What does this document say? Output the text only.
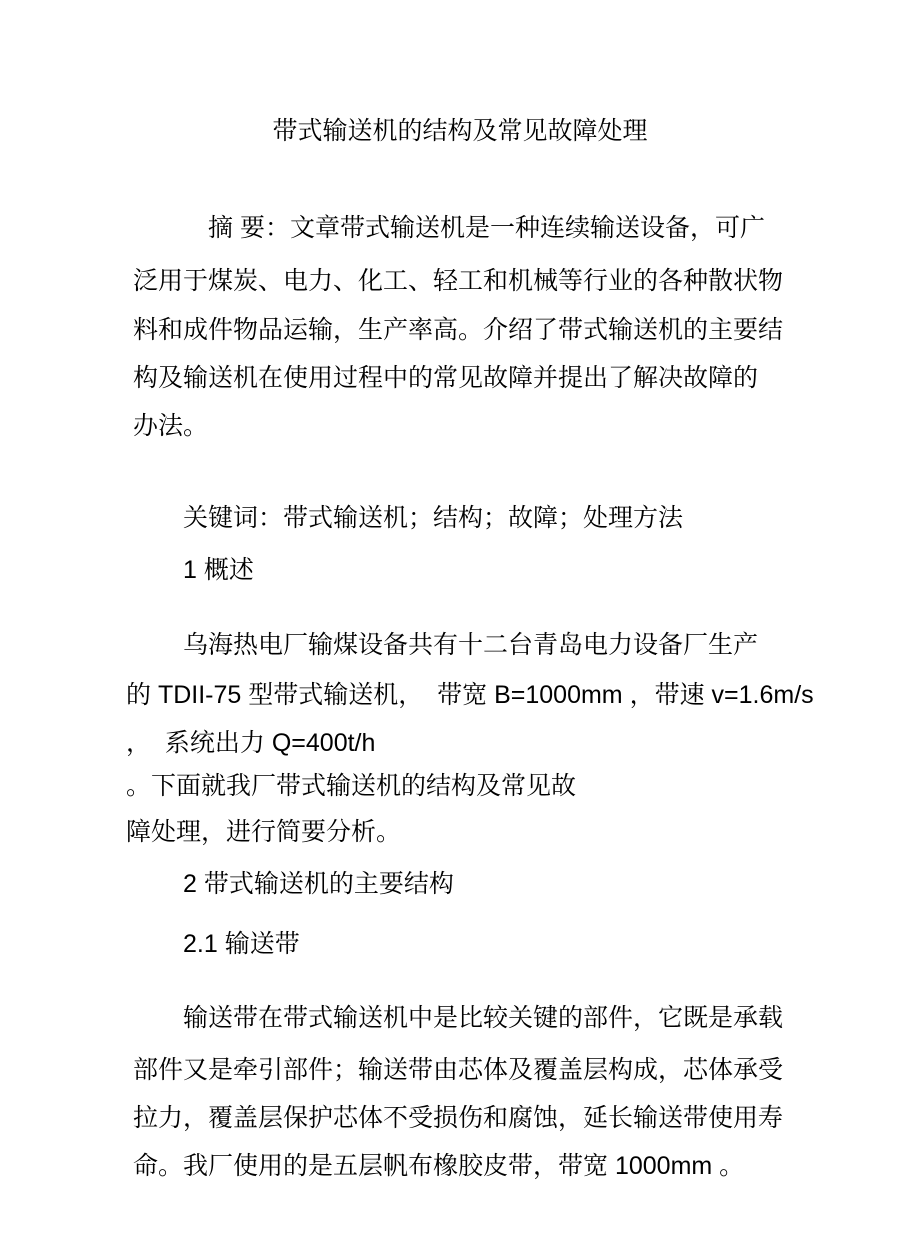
带式输送机的结构及常见故障处理
摘 要：文章带式输送机是一种连续输送设备，可广
泛用于煤炭、电力、化工、轻工和机械等行业的各种散状物
料和成件物品运输，生产率高。介绍了带式输送机的主要结
构及输送机在使用过程中的常见故障并提出了解决故障的
办法。
关键词：带式输送机；结构；故障；处理方法
1 概述
乌海热电厂输煤设备共有十二台青岛电力设备厂生产
的 TDII-75 型带式输送机，  带宽 B=1000mm ，带速 v=1.6m/s
，  系统出力 Q=400t/h
。下面就我厂带式输送机的结构及常见故
障处理，进行简要分析。
2 带式输送机的主要结构
2.1 输送带
输送带在带式输送机中是比较关键的部件，它既是承载
部件又是牵引部件；输送带由芯体及覆盖层构成，芯体承受
拉力，覆盖层保护芯体不受损伤和腐蚀，延长输送带使用寿
命。我厂使用的是五层帆布橡胶皮带，带宽 1000mm 。
